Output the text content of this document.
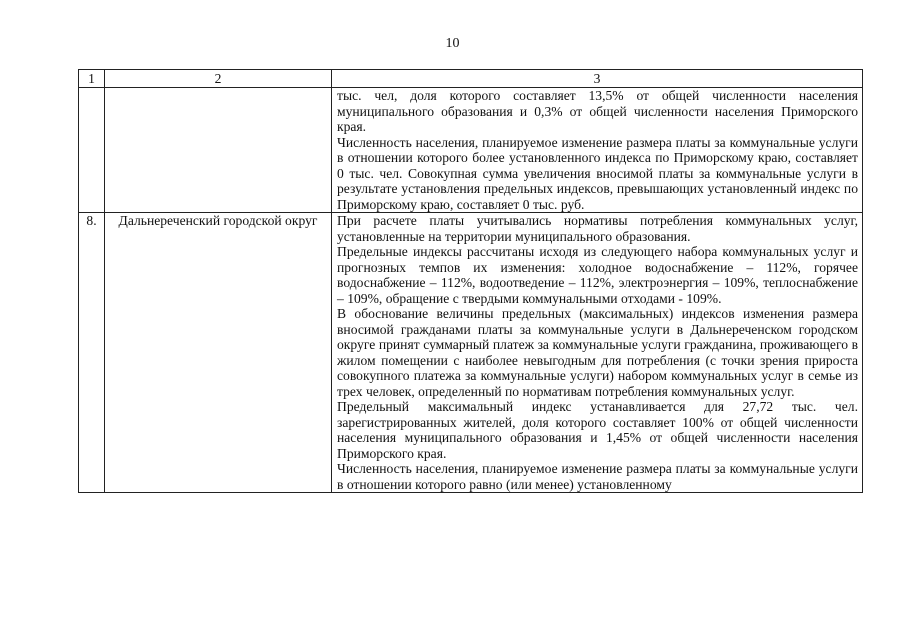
10
1	2	3

		тыс. чел, доля которого составляет 13,5% от общей численности населения муниципального образования и 0,3% от общей численности населения Приморского края.

Численность населения, планируемое изменение размера платы за коммунальные услуги в отношении которого более установленного индекса по Приморскому краю, составляет 0 тыс. чел. Совокупная сумма увеличения вносимой платы за коммунальные услуги в результате установления предельных индексов, превышающих установленный индекс по Приморскому краю, составляет 0 тыс. руб.

8.	Дальнереченский городской округ	При расчете платы учитывались нормативы потребления коммунальных услуг, установленные на территории муниципального образования.

Предельные индексы рассчитаны исходя из следующего набора коммунальных услуг и прогнозных темпов их изменения: холодное водоснабжение – 112%, горячее водоснабжение – 112%, водоотведение – 112%, электроэнергия – 109%, теплоснабжение – 109%, обращение с твердыми коммунальными отходами - 109%.

В обоснование величины предельных (максимальных) индексов изменения размера вносимой гражданами платы за коммунальные услуги в Дальнереченском городском округе принят суммарный платеж за коммунальные услуги гражданина, проживающего в жилом помещении с наиболее невыгодным для потребления (с точки зрения прироста совокупного платежа за коммунальные услуги) набором коммунальных услуг в семье из трех человек, определенный по нормативам потребления коммунальных услуг.

Предельный максимальный индекс устанавливается для 27,72 тыс. чел. зарегистрированных жителей, доля которого составляет 100% от общей численности населения муниципального образования и 1,45% от общей численности населения Приморского края.

Численность населения, планируемое изменение размера платы за коммунальные услуги в отношении которого равно (или менее) установленному
